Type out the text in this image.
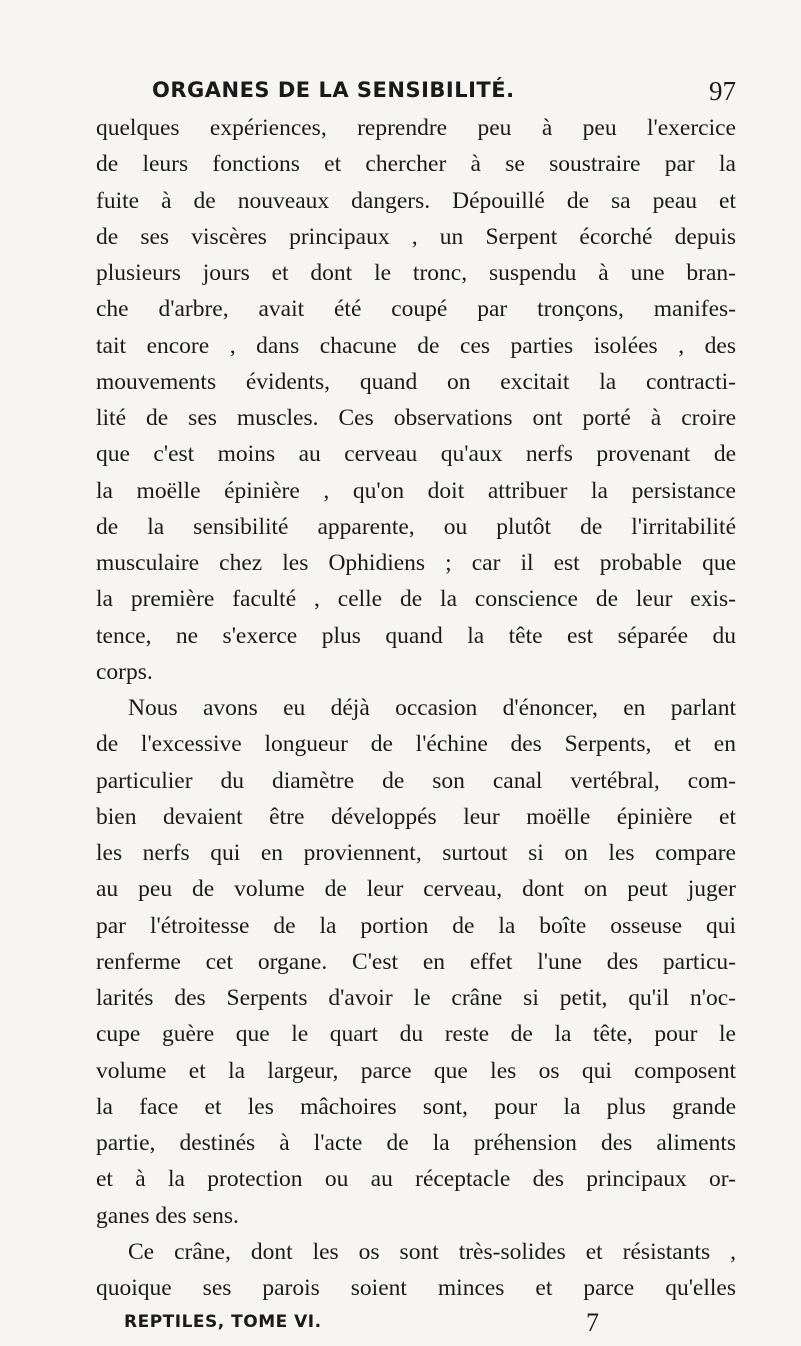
ORGANES DE LA SENSIBILITÉ.	97
quelques expériences, reprendre peu à peu l'exercice
de leurs fonctions et chercher à se soustraire par la
fuite à de nouveaux dangers. Dépouillé de sa peau et
de ses viscères principaux , un Serpent écorché depuis
plusieurs jours et dont le tronc, suspendu à une bran-
che d'arbre, avait été coupé par tronçons, manifes-
tait encore , dans chacune de ces parties isolées , des
mouvements évidents, quand on excitait la contracti-
lité de ses muscles. Ces observations ont porté à croire
que c'est moins au cerveau qu'aux nerfs provenant de
la moëlle épinière , qu'on doit attribuer la persistance
de la sensibilité apparente, ou plutôt de l'irritabilité
musculaire chez les Ophidiens ; car il est probable que
la première faculté , celle de la conscience de leur exis-
tence, ne s'exerce plus quand la tête est séparée du
corps.
Nous avons eu déjà occasion d'énoncer, en parlant
de l'excessive longueur de l'échine des Serpents, et en
particulier du diamètre de son canal vertébral, com-
bien devaient être développés leur moëlle épinière et
les nerfs qui en proviennent, surtout si on les compare
au peu de volume de leur cerveau, dont on peut juger
par l'étroitesse de la portion de la boîte osseuse qui
renferme cet organe. C'est en effet l'une des particu-
larités des Serpents d'avoir le crâne si petit, qu'il n'oc-
cupe guère que le quart du reste de la tête, pour le
volume et la largeur, parce que les os qui composent
la face et les mâchoires sont, pour la plus grande
partie, destinés à l'acte de la préhension des aliments
et à la protection ou au réceptacle des principaux or-
ganes des sens.
Ce crâne, dont les os sont très-solides et résistants ,
quoique ses parois soient minces et parce qu'elles
REPTILES, TOME VI.	7
